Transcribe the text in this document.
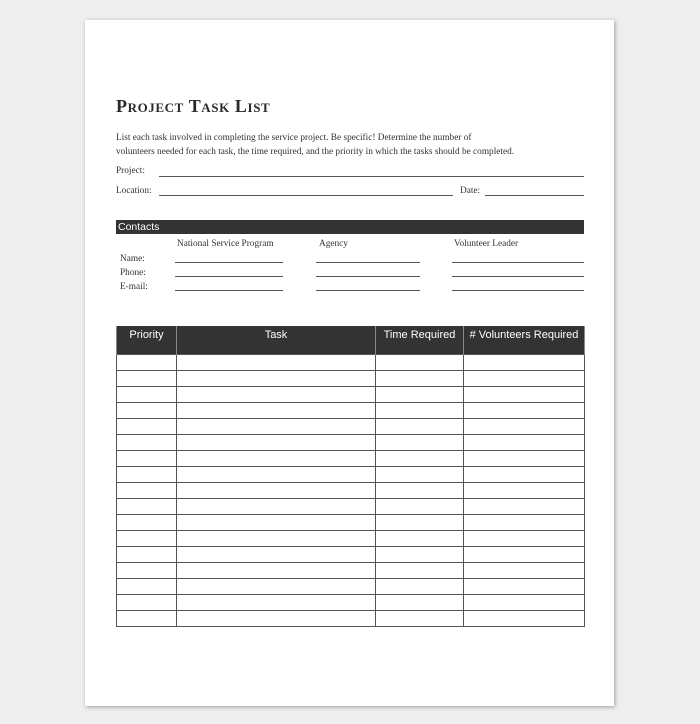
Project Task List
List each task involved in completing the service project. Be specific! Determine the number of
volunteers needed for each task, the time required, and the priority in which the tasks should be completed.
Project:
Location:	Date:
Contacts
National Service Program	Agency	Volunteer Leader
Name:
Phone:
E-mail:
Priority	Task	Time Required	# Volunteers Required
